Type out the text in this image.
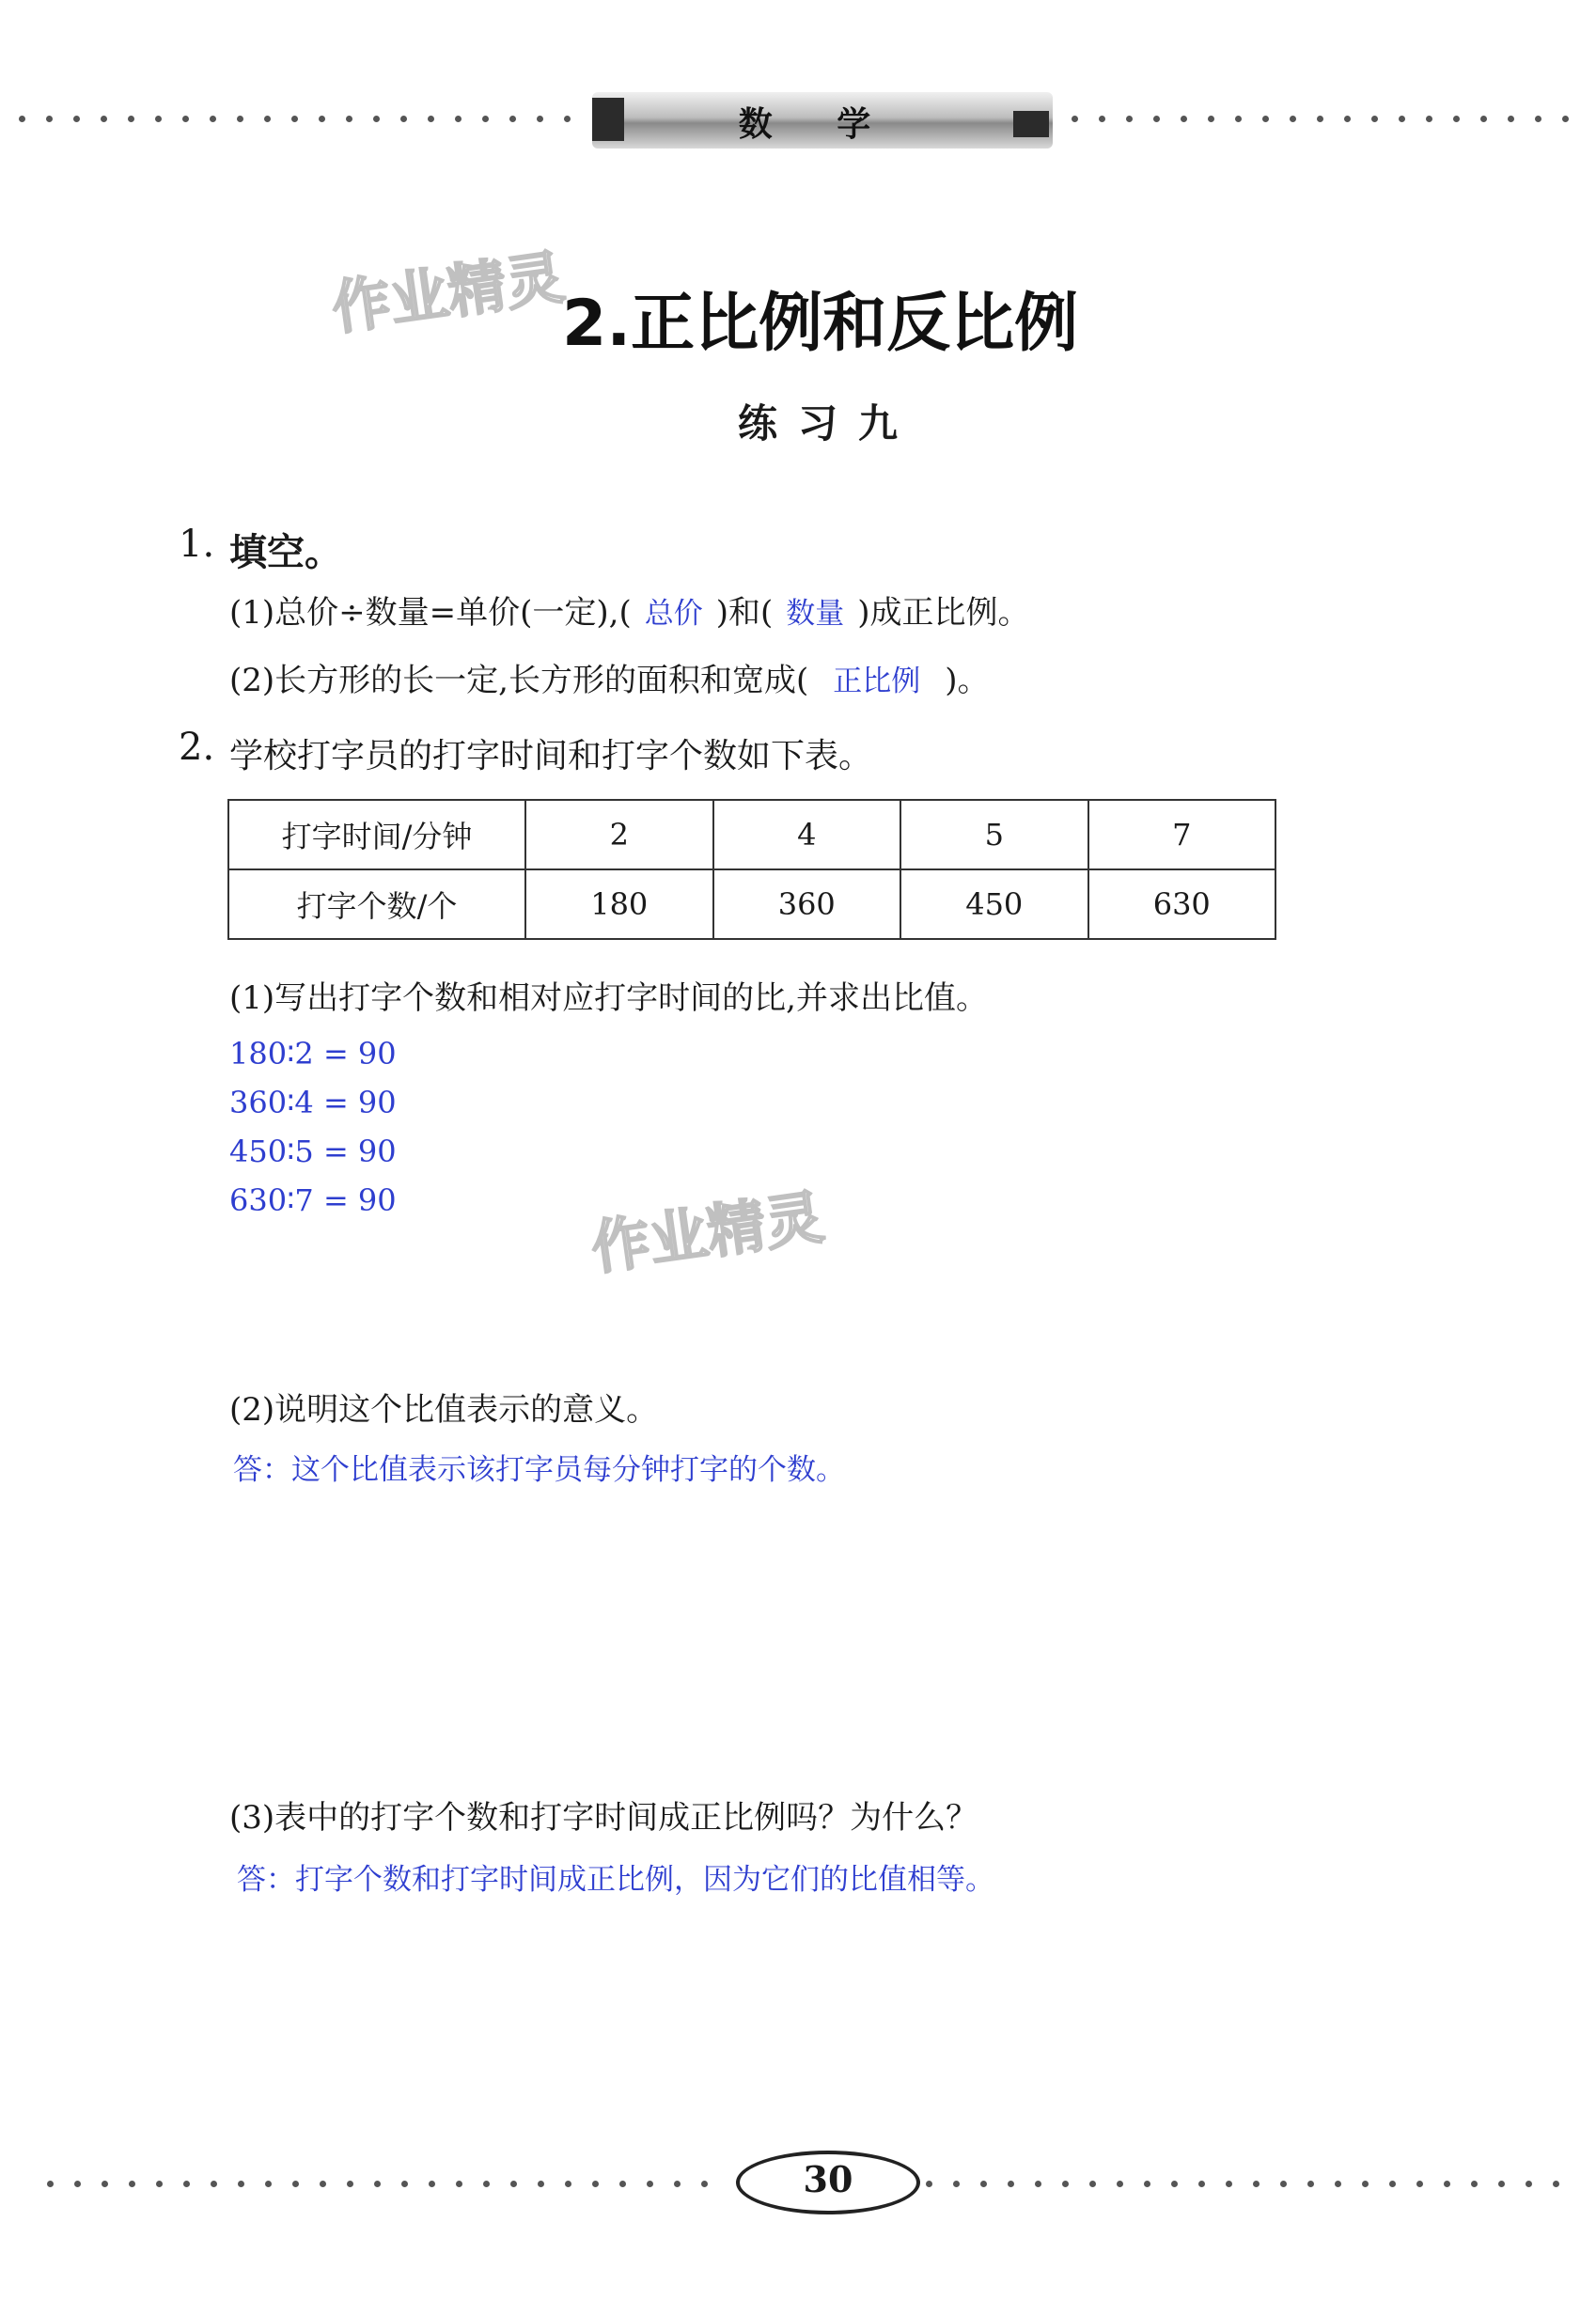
数 学
作业精灵
作业精灵
2.正比例和反比例
练习九
1. 填空。
(1)总价÷数量=单价(一定),( 总价 )和( 数量 )成正比例。
(2)长方形的长一定,长方形的面积和宽成( 正比例 )。
2. 学校打字员的打字时间和打字个数如下表。
打字时间/分钟	2	4	5	7
打字个数/个	180	360	450	630
(1)写出打字个数和相对应打字时间的比,并求出比值。
180∶2 = 90
360∶4 = 90
450∶5 = 90
630∶7 = 90
(2)说明这个比值表示的意义。
答：这个比值表示该打字员每分钟打字的个数。
(3)表中的打字个数和打字时间成正比例吗？为什么？
答：打字个数和打字时间成正比例，因为它们的比值相等。
30
